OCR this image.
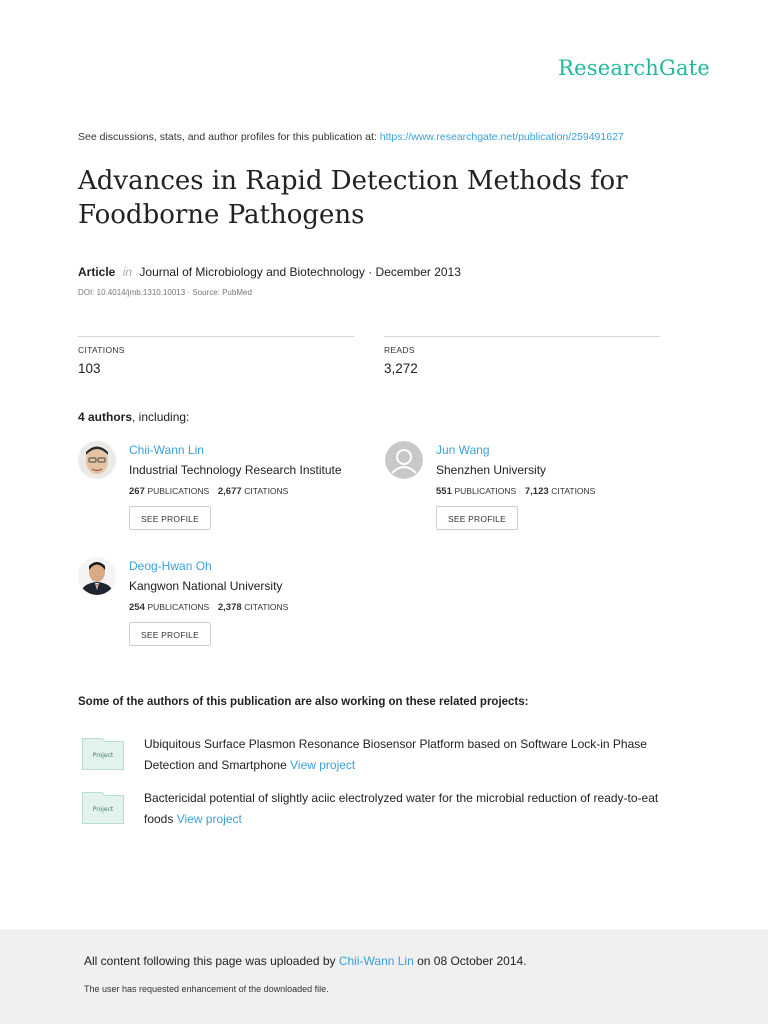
ResearchGate
See discussions, stats, and author profiles for this publication at: https://www.researchgate.net/publication/259491627
Advances in Rapid Detection Methods for Foodborne Pathogens
Article in Journal of Microbiology and Biotechnology · December 2013
DOI: 10.4014/jmb.1310.10013 · Source: PubMed
CITATIONS
103
READS
3,272
4 authors, including:
Chii-Wann Lin
Industrial Technology Research Institute
267 PUBLICATIONS 2,677 CITATIONS
SEE PROFILE
Jun Wang
Shenzhen University
551 PUBLICATIONS 7,123 CITATIONS
SEE PROFILE
Deog-Hwan Oh
Kangwon National University
254 PUBLICATIONS 2,378 CITATIONS
SEE PROFILE
Some of the authors of this publication are also working on these related projects:
Project
Ubiquitous Surface Plasmon Resonance Biosensor Platform based on Software Lock-in Phase Detection and Smartphone View project
Project
Bactericidal potential of slightly aciic electrolyzed water for the microbial reduction of ready-to-eat foods View project
All content following this page was uploaded by Chii-Wann Lin on 08 October 2014.
The user has requested enhancement of the downloaded file.
